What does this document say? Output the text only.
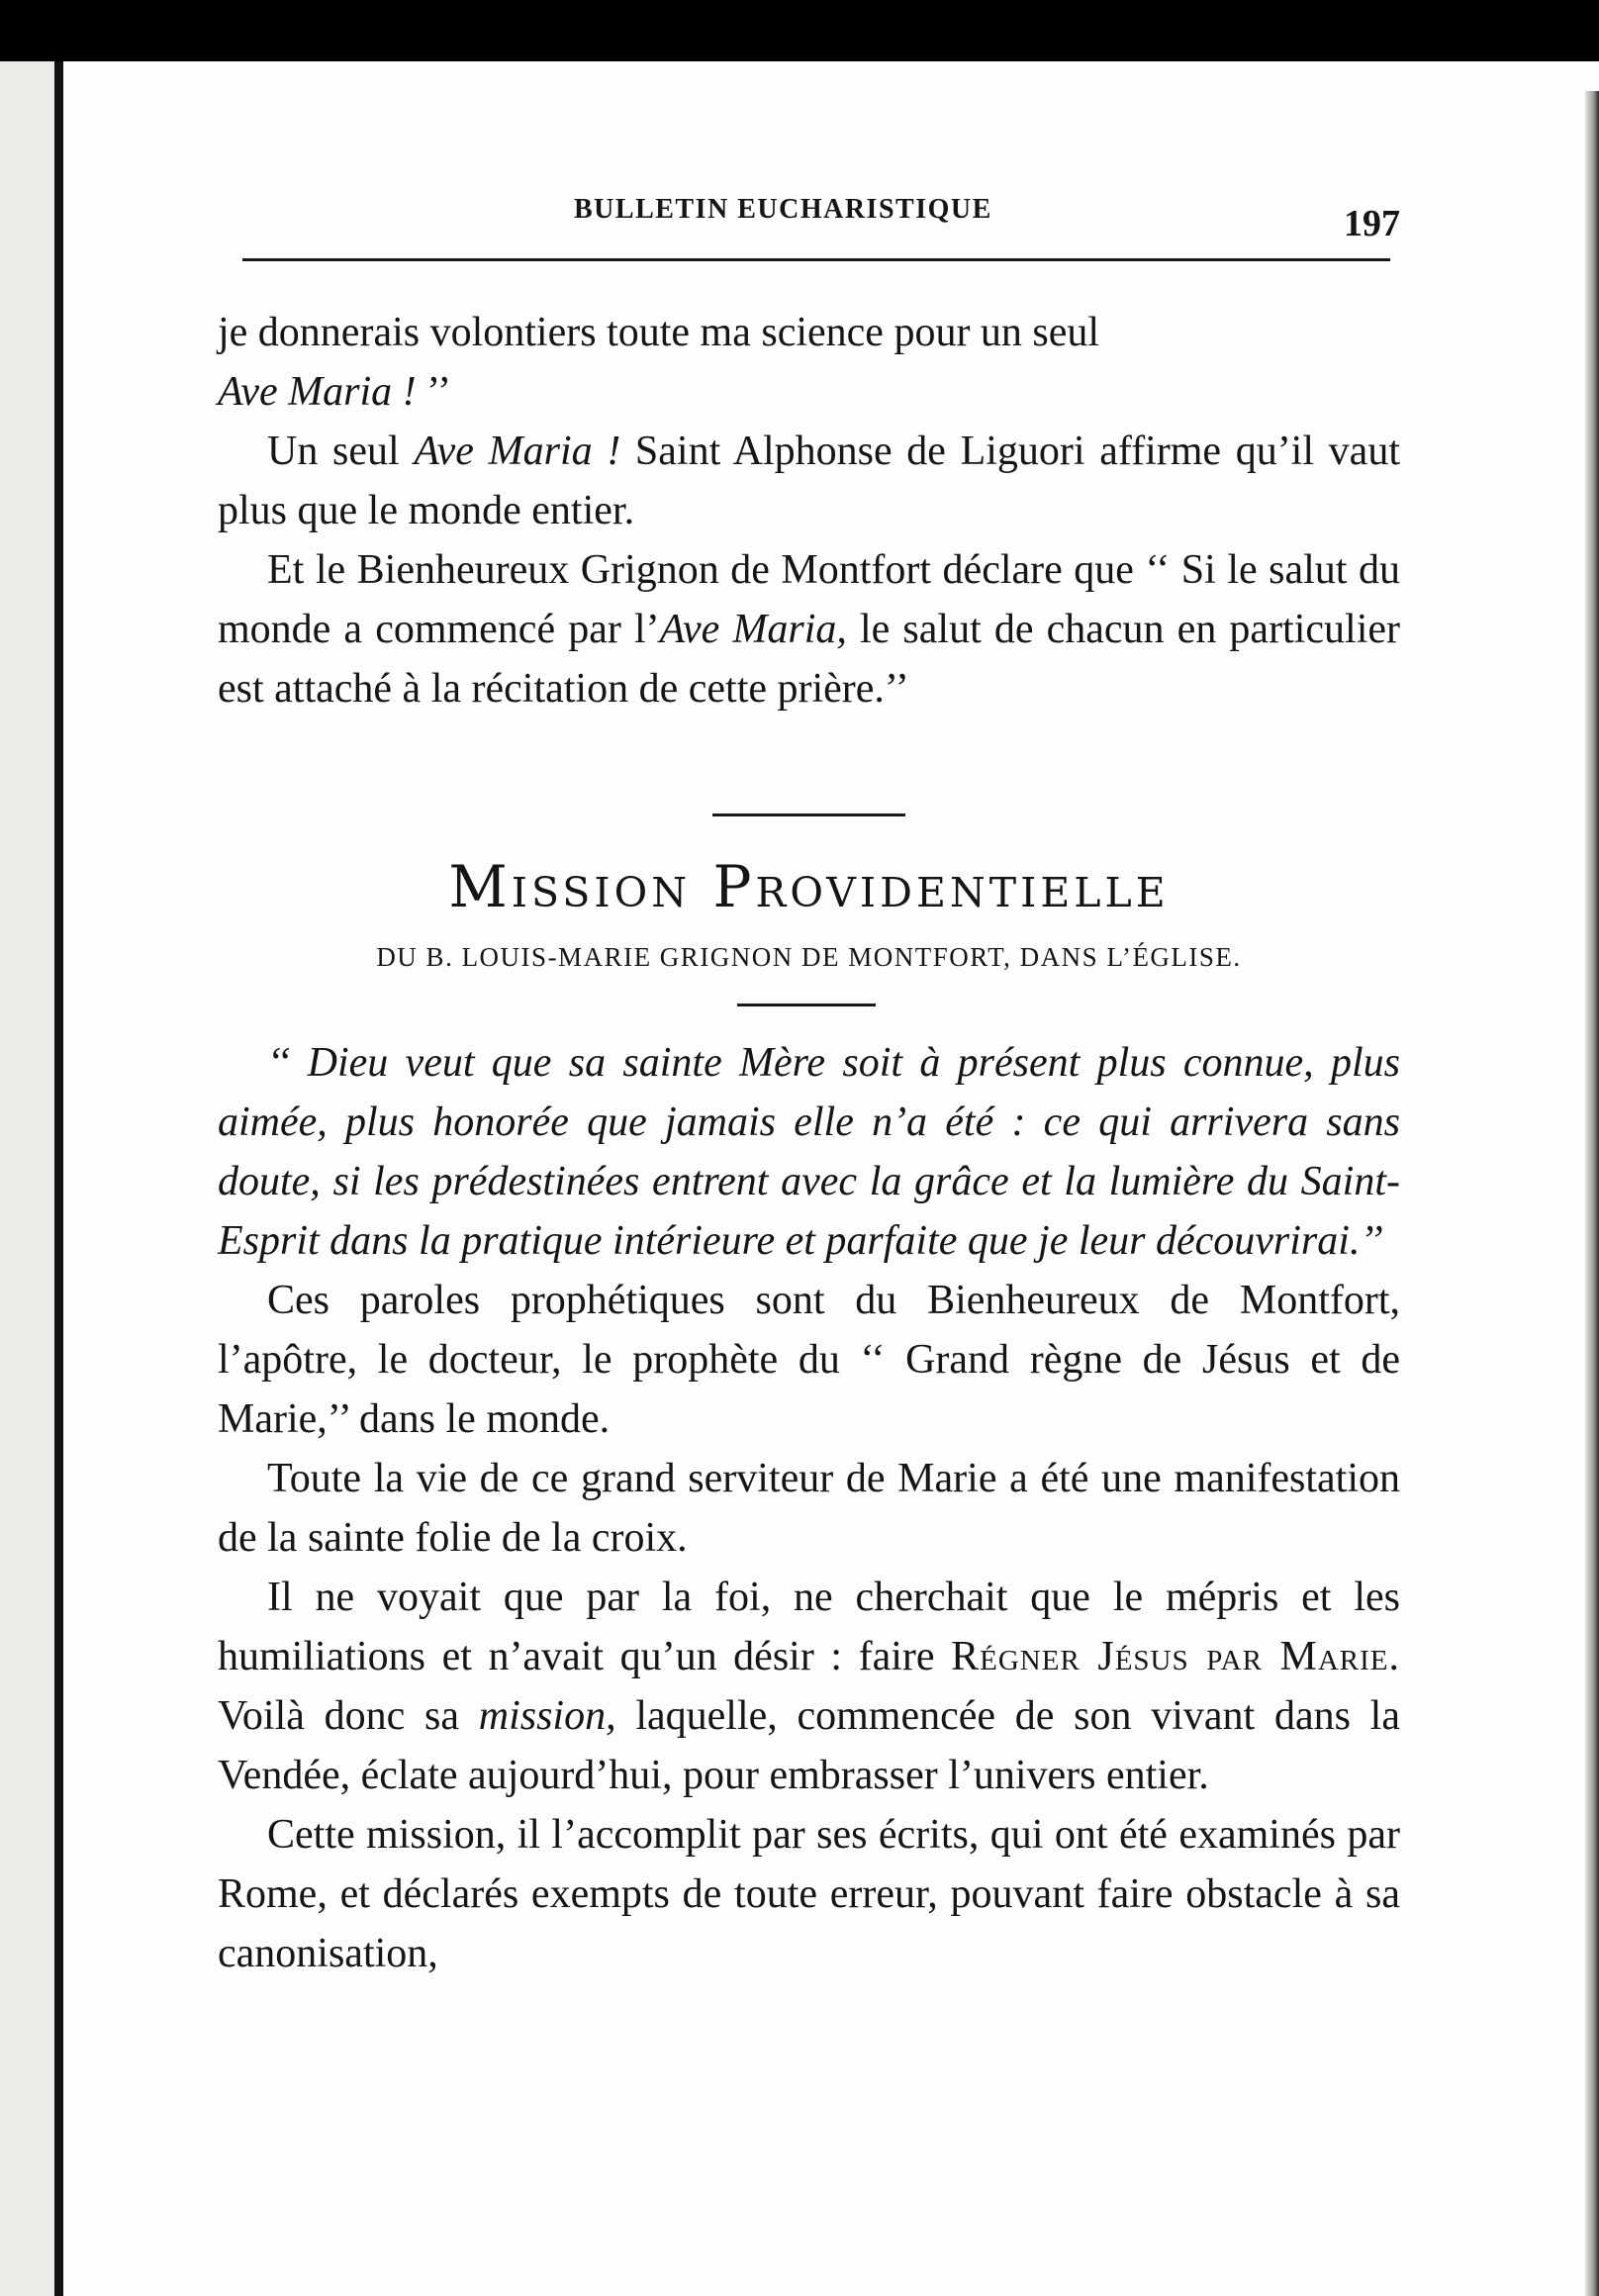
BULLETIN EUCHARISTIQUE	197

je donnerais volontiers toute ma science pour un seul
Ave Maria ! ’’

Un seul Ave Maria ! Saint Alphonse de Liguori affirme qu’il vaut plus que le monde entier.

Et le Bienheureux Grignon de Montfort déclare que ‘‘ Si le salut du monde a commencé par l’Ave Maria, le salut de chacun en particulier est attaché à la récitation de cette prière.’’

Mission Providentielle
DU B. LOUIS-MARIE GRIGNON DE MONTFORT, DANS L’ÉGLISE.

‘‘ Dieu veut que sa sainte Mère soit à présent plus connue, plus aimée, plus honorée que jamais elle n’a été : ce qui arrivera sans doute, si les prédestinées entrent avec la grâce et la lumière du Saint-Esprit dans la pratique intérieure et parfaite que je leur découvrirai.’’

Ces paroles prophétiques sont du Bienheureux de Montfort, l’apôtre, le docteur, le prophète du ‘‘ Grand règne de Jésus et de Marie,’’ dans le monde.

Toute la vie de ce grand serviteur de Marie a été une manifestation de la sainte folie de la croix.

Il ne voyait que par la foi, ne cherchait que le mépris et les humiliations et n’avait qu’un désir : faire Régner Jésus par Marie. Voilà donc sa mission, laquelle, commencée de son vivant dans la Vendée, éclate aujourd’hui, pour embrasser l’univers entier.

Cette mission, il l’accomplit par ses écrits, qui ont été examinés par Rome, et déclarés exempts de toute erreur, pouvant faire obstacle à sa canonisation,
